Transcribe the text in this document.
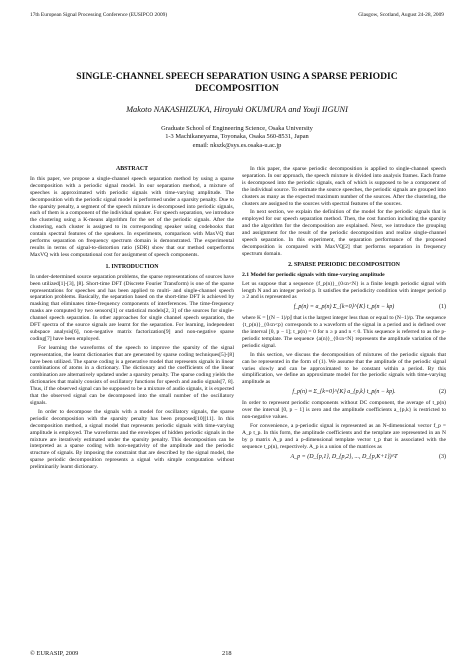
17th European Signal Processing Conference (EUSIPCO 2009)	Glasgow, Scotland, August 24-28, 2009
SINGLE-CHANNEL SPEECH SEPARATION USING A SPARSE PERIODIC DECOMPOSITION
Makoto NAKASHIZUKA, Hiroyuki OKUMURA and Youji IIGUNI
Graduate School of Engineering Science, Osaka University
1-3 Machikaneyama, Toyonaka, Osaka 560-8531, Japan
email: nkszk@sys.es.osaka-u.ac.jp
ABSTRACT

In this paper, we propose a single-channel speech separation method by using a sparse decomposition with a periodic signal model. In our separation method, a mixture of speeches is approximated with periodic signals with time-varying amplitude. The decomposition with the periodic signal model is performed under a sparsity penalty. Due to the sparsity penalty, a segment of the speech mixture is decomposed into periodic signals, each of them is a component of the individual speaker. For speech separation, we introduce the clustering using a K-means algorithm for the set of the periodic signals. After the clustering, each cluster is assigned to its corresponding speaker using codebooks that contain spectral features of the speakers. In experiments, comparison with MaxVQ that performs separation on frequency spectrum domain is demonstrated. The experimental results in terms of signal-to-distortion ratio (SDR) show that our method outperforms MaxVQ with less computational cost for assignment of speech components.

1. INTRODUCTION

In under-determined source separation problems, the sparse representations of sources have been utilized[1]-[3], [8]. Short-time DFT (Discrete Fourier Transform) is one of the sparse representations for speeches and has been applied to multi- and single-channel speech separation problems. Basically, the separation based on the short-time DFT is achieved by masking that eliminates time-frequency components of interferences. The time-frequency masks are computed by two sensors[1] or statistical models[2, 3] of the sources for single-channel speech separation. In other approaches for single channel speech separation, the DFT spectra of the source signals are learnt for the separation. For learning, independent subspace analysis[6], non-negative matrix factorization[9] and non-negative sparse coding[7] have been employed.

For learning the waveforms of the speech to improve the sparsity of the signal representation, the learnt dictionaries that are generated by sparse coding techniques[5]-[8] have been utilized. The sparse coding is a generative model that represents signals in linear combinations of atoms in a dictionary. The dictionary and the coefficients of the linear combination are alternatively updated under a sparsity penalty. The sparse coding yields the dictionaries that mainly consists of oscillatory functions for speech and audio signals[7, 8]. Thus, if the observed signal can be supposed to be a mixture of audio signals, it is expected that the observed signal can be decomposed into the small number of the oscillatory signals.

In order to decompose the signals with a model for oscillatory signals, the sparse periodic decomposition with the sparsity penalty has been proposed[10][11]. In this decomposition method, a signal model that represents periodic signals with time-varying amplitude is employed. The waveforms and the envelopes of hidden periodic signals in the mixture are iteratively estimated under the sparsity penalty. This decomposition can be interpreted as a sparse coding with non-negativity of the amplitude and the periodic structure of signals. By imposing the constraint that are described by the signal model, the sparse periodic decomposition represents a signal with simple computation without preliminarily learnt dictionary.

In this paper, the sparse periodic decomposition is applied to single-channel speech separation. In our approach, the speech mixture is divided into analysis frames. Each frame is decomposed into the periodic signals, each of which is supposed to be a component of the individual source. To estimate the source speeches, the periodic signals are grouped into clusters as many as the expected maximum number of the sources. After the clustering, the clusters are assigned to the sources with spectral features of the sources.

In next section, we explain the definition of the model for the periodic signals that is employed for our speech separation method. Then, the cost function including the sparsity and the algorithm for the decomposition are explained. Next, we introduce the grouping and assignment for the result of the periodic decomposition and realize single-channel speech separation. In this experiment, the separation performance of the proposed decomposition is compared with MaxVQ[2] that performs separation in frequency spectrum domain.

2. SPARSE PERIODIC DECOMPOSITION
2.1 Model for periodic signals with time-varying amplitude

Let us suppose that a sequence {f_p(n)}_{0≤n<N} is a finite length periodic signal with length N and an integer period p. It satisfies the periodicity condition with integer period p ≥ 2 and is represented as

f_p(n) = a_p(n) Σ_{k=0}^{K} t_p(n − kp)	(1)

where K = ⌊(N − 1)/p⌋ that is the largest integer less than or equal to (N−1)/p. The sequence {t_p(n)}_{0≤n<p} corresponds to a waveform of the signal in a period and is defined over the interval [0, p − 1]; t_p(n) = 0 for n ≥ p and n < 0. This sequence is referred to as the p-periodic template. The sequence {a(n)}_{0≤n<N} represents the amplitude variation of the periodic signal.

In this section, we discuss the decomposition of mixtures of the periodic signals that can be represented in the form of (1). We assume that the amplitude of the periodic signal varies slowly and can be approximated to be constant within a period. By this simplification, we define an approximate model for the periodic signals with time-varying amplitude as

f_p(n) ≈ Σ_{k=0}^{K} a_{p,k} t_p(n − kp).	(2)

In order to represent periodic components without DC component, the average of t_p(n) over the interval [0, p − 1] is zero and the amplitude coefficients a_{p,k} is restricted to non-negative values.

For convenience, a p-periodic signal is represented as an N-dimensional vector f_p = A_p t_p. In this form, the amplitude coefficients and the template are represented in an N by p matrix A_p and a p-dimensional template vector t_p that is associated with the sequence t_p(n), respectively. A_p is a union of the matrices as

A_p = (D_{p,1}, D_{p,2}, ..., D_{p,K+1})^T	(3)
© EURASIP, 2009	218
